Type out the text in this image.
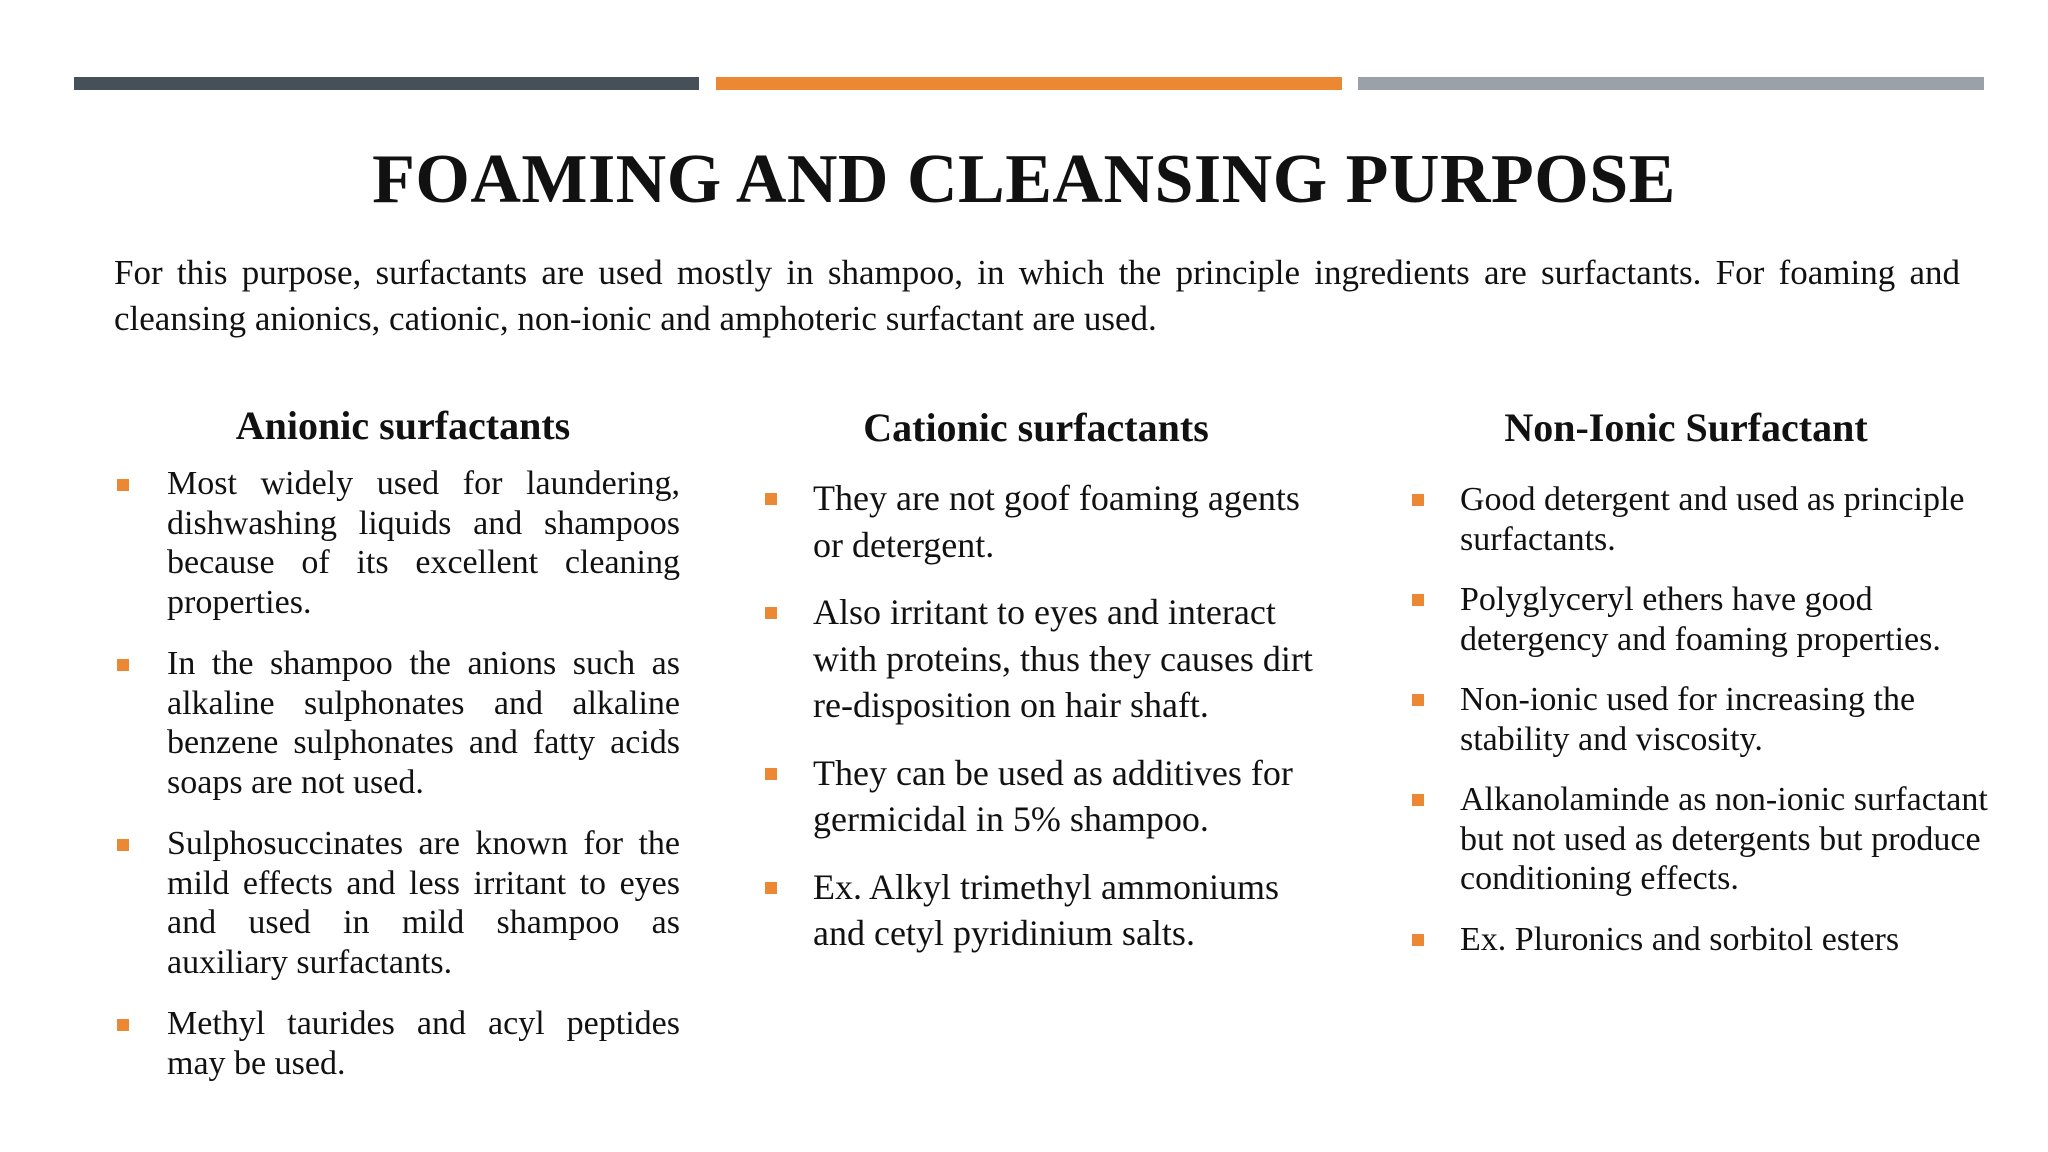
FOAMING AND CLEANSING PURPOSE

For this purpose, surfactants are used mostly in shampoo, in which the principle ingredients are surfactants. For foaming and cleansing anionics, cationic, non-ionic and amphoteric surfactant are used.

Anionic surfactants
Most widely used for laundering, dishwashing liquids and shampoos because of its excellent cleaning properties.
In the shampoo the anions such as alkaline sulphonates and alkaline benzene sulphonates and fatty acids soaps are not used.
Sulphosuccinates are known for the mild effects and less irritant to eyes and used in mild shampoo as auxiliary surfactants.
Methyl taurides and acyl peptides may be used.
Cationic surfactants
They are not goof foaming agents or detergent.
Also irritant to eyes and interact with proteins, thus they causes dirt re-disposition on hair shaft.
They can be used as additives for germicidal in 5% shampoo.
Ex. Alkyl trimethyl ammoniums and cetyl pyridinium salts.
Non-Ionic Surfactant
Good detergent and used as principle surfactants.
Polyglyceryl ethers have good detergency and foaming properties.
Non-ionic used for increasing the stability and viscosity.
Alkanolaminde as non-ionic surfactant but not used as detergents but produce conditioning effects.
Ex. Pluronics and sorbitol esters
